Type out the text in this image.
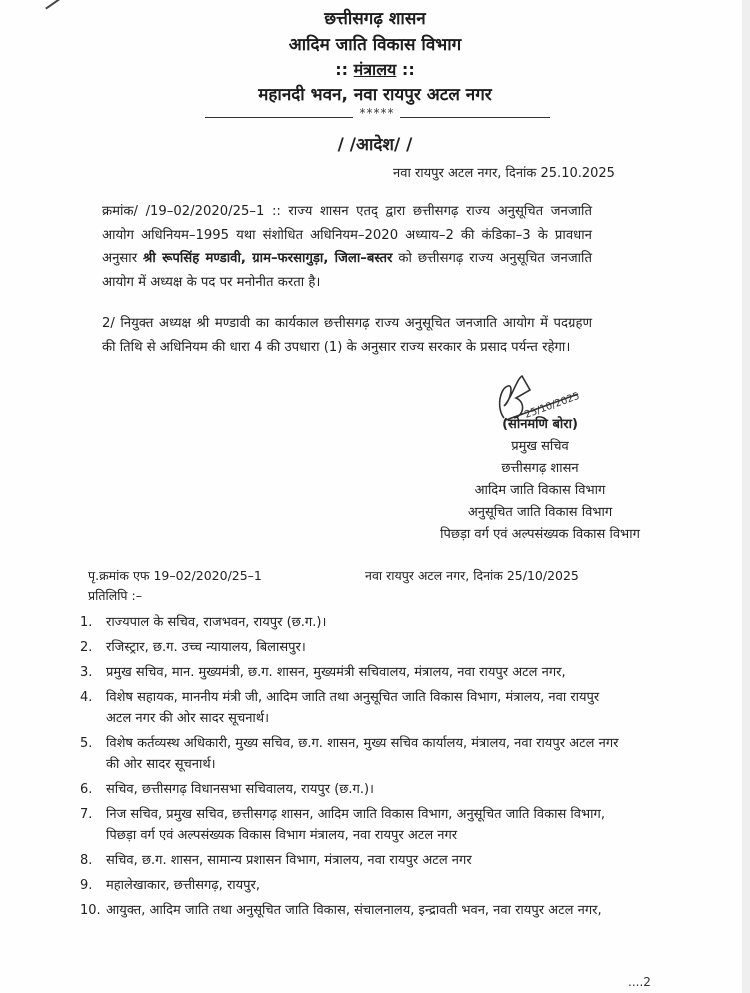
छत्तीसगढ़ शासन
आदिम जाति विकास विभाग
:: मंत्रालय ::
महानदी भवन, नवा रायपुर अटल नगर
*****
/ /आदेश/ /
नवा रायपुर अटल नगर, दिनांक 25.10.2025
क्रमांक/ /19–02/2020/25–1 :: राज्य शासन एतद् द्वारा छत्तीसगढ़ राज्य अनुसूचित जनजाति आयोग अधिनियम–1995 यथा संशोधित अधिनियम–2020 अध्याय–2 की कंडिका–3 के प्रावधान अनुसार श्री रूपसिंह मण्डावी, ग्राम–फरसागुड़ा, जिला–बस्तर को छत्तीसगढ़ राज्य अनुसूचित जनजाति आयोग में अध्यक्ष के पद पर मनोनीत करता है।
2/ नियुक्त अध्यक्ष श्री मण्डावी का कार्यकाल छत्तीसगढ़ राज्य अनुसूचित जनजाति आयोग में पदग्रहण की तिथि से अधिनियम की धारा 4 की उपधारा (1) के अनुसार राज्य सरकार के प्रसाद पर्यन्त रहेगा।
25/10/2025
(सोनमणि बोरा)
प्रमुख सचिव
छत्तीसगढ़ शासन
आदिम जाति विकास विभाग
अनुसूचित जाति विकास विभाग
पिछड़ा वर्ग एवं अल्पसंख्यक विकास विभाग
पृ.क्रमांक एफ 19–02/2020/25–1	नवा रायपुर अटल नगर, दिनांक 25/10/2025
प्रतिलिपि :–
1.	राज्यपाल के सचिव, राजभवन, रायपुर (छ.ग.)।
2.	रजिस्ट्रार, छ.ग. उच्च न्यायालय, बिलासपुर।
3.	प्रमुख सचिव, मान. मुख्यमंत्री, छ.ग. शासन, मुख्यमंत्री सचिवालय, मंत्रालय, नवा रायपुर अटल नगर,
4.	विशेष सहायक, माननीय मंत्री जी, आदिम जाति तथा अनुसूचित जाति विकास विभाग, मंत्रालय, नवा रायपुर अटल नगर की ओर सादर सूचनार्थ।
5.	विशेष कर्तव्यस्थ अधिकारी, मुख्य सचिव, छ.ग. शासन, मुख्य सचिव कार्यालय, मंत्रालय, नवा रायपुर अटल नगर की ओर सादर सूचनार्थ।
6.	सचिव, छत्तीसगढ़ विधानसभा सचिवालय, रायपुर (छ.ग.)।
7.	निज सचिव, प्रमुख सचिव, छत्तीसगढ़ शासन, आदिम जाति विकास विभाग, अनुसूचित जाति विकास विभाग, पिछड़ा वर्ग एवं अल्पसंख्यक विकास विभाग मंत्रालय, नवा रायपुर अटल नगर
8.	सचिव, छ.ग. शासन, सामान्य प्रशासन विभाग, मंत्रालय, नवा रायपुर अटल नगर
9.	महालेखाकार, छत्तीसगढ़, रायपुर,
10. आयुक्त, आदिम जाति तथा अनुसूचित जाति विकास, संचालनालय, इन्द्रावती भवन, नवा रायपुर अटल नगर,
....2
